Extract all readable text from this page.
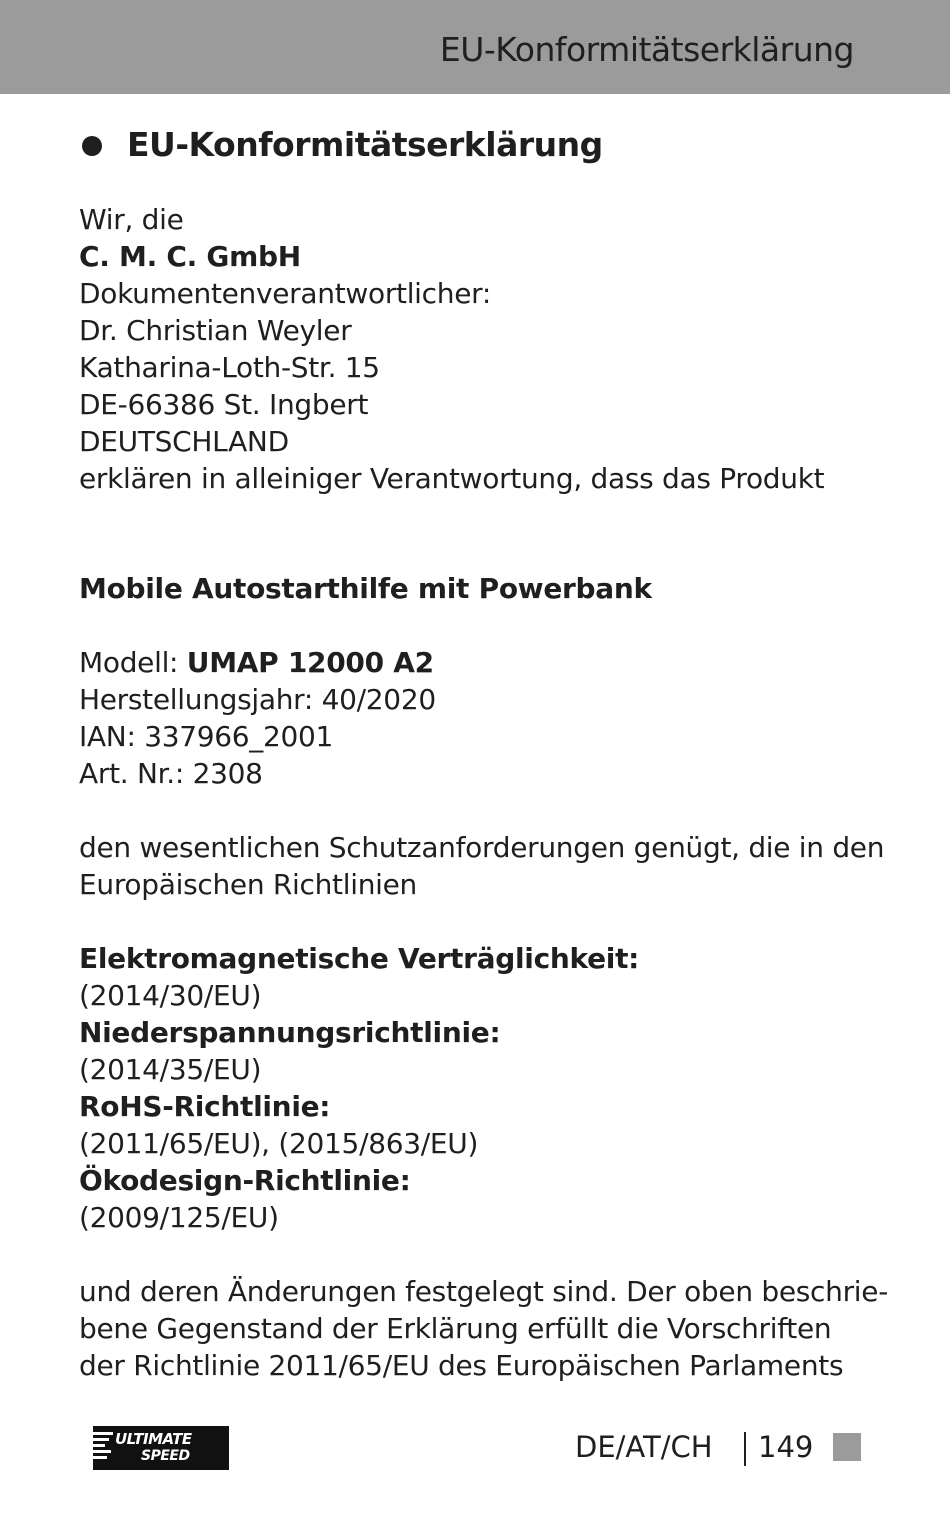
EU-Konformitätserklärung
EU-Konformitätserklärung
Wir, die
C. M. C. GmbH
Dokumentenverantwortlicher:
Dr. Christian Weyler
Katharina-Loth-Str. 15
DE-66386 St. Ingbert
DEUTSCHLAND
erklären in alleiniger Verantwortung, dass das Produkt
Mobile Autostarthilfe mit Powerbank
Modell: UMAP 12000 A2
Herstellungsjahr: 40/2020
IAN: 337966_2001
Art. Nr.: 2308
den wesentlichen Schutzanforderungen genügt, die in den
Europäischen Richtlinien
Elektromagnetische Verträglichkeit:
(2014/30/EU)
Niederspannungsrichtlinie:
(2014/35/EU)
RoHS-Richtlinie:
(2011/65/EU), (2015/863/EU)
Ökodesign-Richtlinie:
(2009/125/EU)
und deren Änderungen festgelegt sind. Der oben beschrie-
bene Gegenstand der Erklärung erfüllt die Vorschriften
der Richtlinie 2011/65/EU des Europäischen Parlaments
ULTIMATE
SPEED	DE/AT/CH 149
